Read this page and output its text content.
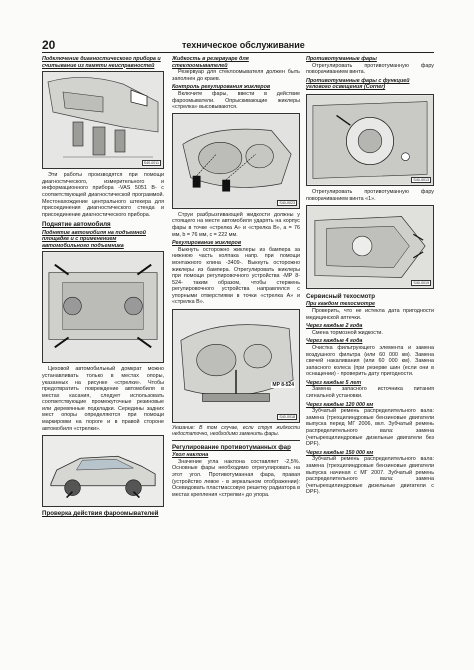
20	техническое обслуживание

Подключение диагностического прибора и считывание из памяти неисправностей

S40-0011

Эти работы производятся при помощи диагностического, измерительного и информационного прибора -VAS 5051 B- с соответствующей диагностической программой. Местонахождение центрального штекера для присоединения диагностического стенда и присоединение диагностического прибора.

Поднятие автомобиля

Поднятие автомобиля на подъемной площадке и с применением автомобильного подъемника

Цеховой автомобильный домкрат можно устанавливать только в местах опоры, указанных на рисунке «стрелки». Чтобы предотвратить повреждение автомобиля в местах касания, следует использовать соответствующие промежуточные резиновые или деревянные подкладки. Середины задних мест опоры определяются при помощи маркировки на пороге и в правой стороне автомобиля «стрелки».

Проверка действия фароомывателей

Жидкость в резервуаре для стеклоомывателей

Резервуар для стеклоомывателя должен быть заполнен до краев.

Контроль регулирования жиклеров

Включите фары, ввести в действие фароомыватели. Опрыскивающие жиклеры «стрелка» высовываются.

S40-0023

Струи разбрызгивающей жидкости должны у стоящего на месте автомобиля ударять на корпус фары в точке «стрелка A» и «стрелка B», a = 76 мм, b = 76 мм, c = 222 мм.

Регулирование жиклеров

Выкнуть осторожно жиклеры из бампера за нижнюю часть колпака напр. при помощи монтажного клина -3409-. Выкнуть осторожно жиклеры из бампера. Отрегулировать жиклеры при помощи регулировочного устройства -MP 8-524- таким образом, чтобы стержень регулировочного устройства направлялся с упорными отверстиями в точки «стрелка A» и «стрелка B».

MP 8-524
S40-0018

Указание: В том случае, если струя жидкости недостаточно, необходимо заменить фары.

Регулирование противотуманных фар

Угол наклона

Значение угла наклона составляет -2,5%. Основные фары необходимо отрегулировать на этот угол. Противотуманная фара, правая (устройство левое - в зеркальном отображении): Осевидовать пластмассовую решетку радиатора в местах крепления «стрелки» до упора.

Противотуманные фары

Отрегулировать противотуманную фару поворачиванием винта.

Противотуманные фары с функцией углового освещения (Corner)

S40-0013

Отрегулировать противотуманную фару поворачиванием винта «1».

S40-0019

Сервисный техосмотр

При каждом техосмотре

Проверить, что не истекла дата пригодности медицинской аптечки.

Через каждые 2 года

Смена тормозной жидкости.

Через каждые 4 года

Очистка фильтрующего элемента и замена воздушного фильтра (или 60 000 км). Замена свечей накаливания (или 60 000 км). Замена запасного колеса (при резерве шин (если они в оснащении) - проверить дату пригодности.

Через каждые 5 лет

Замена запасного источника питания сигнальной установки.

Через каждые 120 000 км

Зубчатый ремень распределительного вала: замена (трехцилиндровые бензиновые двигатели выпуска перед МГ 2006, вкл. Зубчатый ремень распределительного вала: замена (четырехцилиндровые дизельные двигатели без DPF).

Через каждые 150 000 км

Зубчатый ремень распределительного вала: замена (трехцилиндровые бензиновые двигатели выпуска начиная с МГ 2007. Зубчатый ремень распределительного вала: замена (четырехцилиндровые дизельные двигатели с DPF).
